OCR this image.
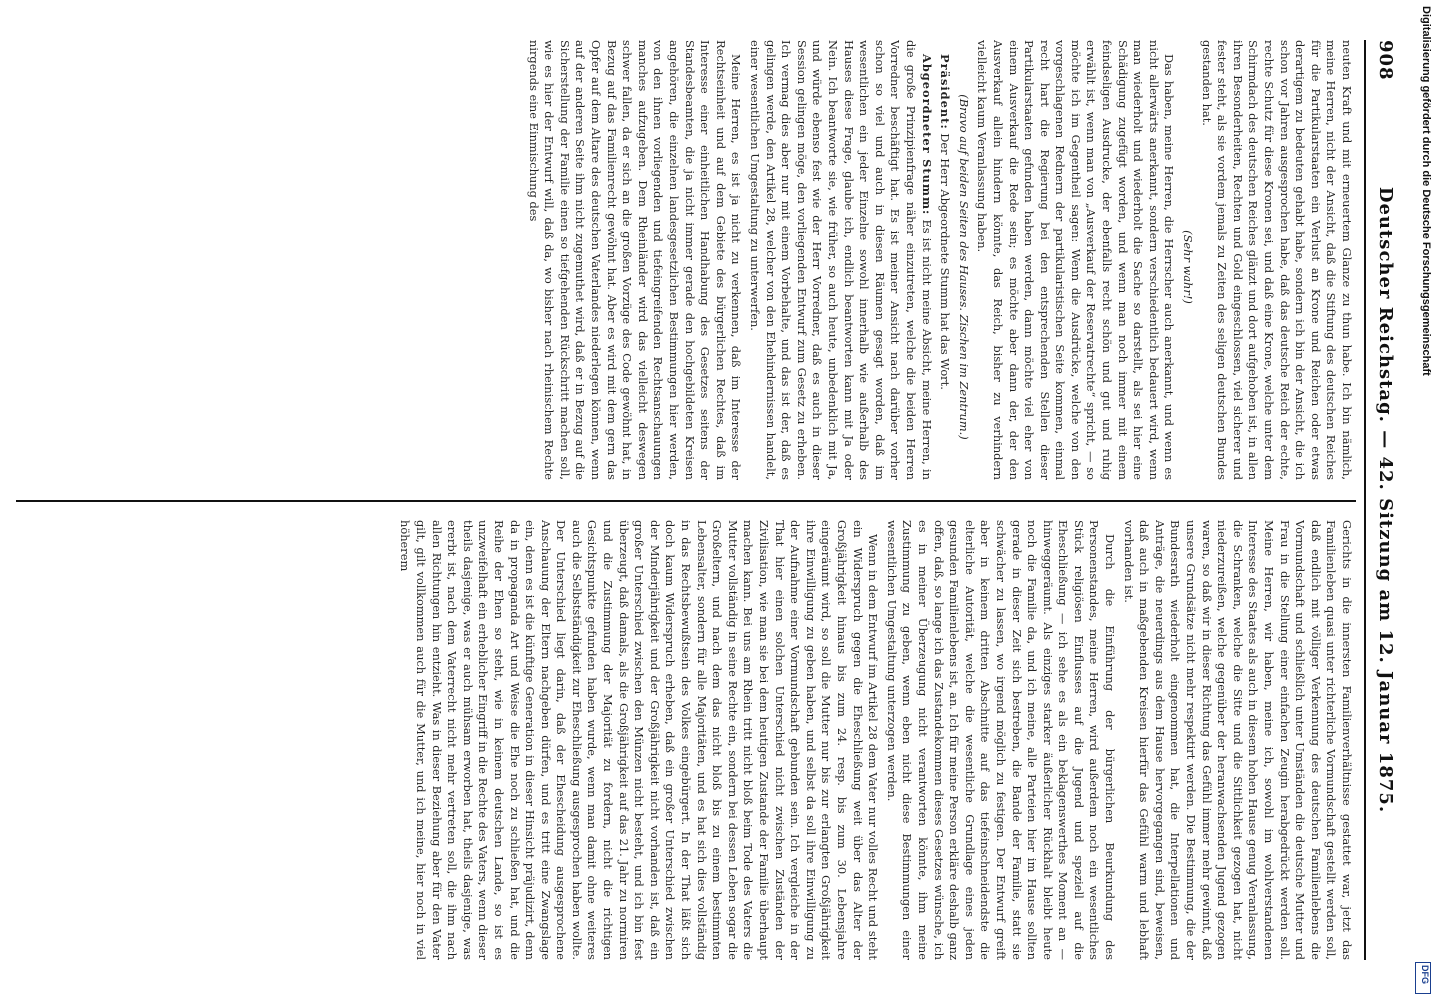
908
Deutscher Reichstag. — 42. Sitzung am 12. Januar 1875.

neuten Kraft und mit erneuertem Glanze zu thun habe. Ich bin nämlich, meine Herren, nicht der Ansicht, daß die Stiftung des deutschen Reiches für die Partikularstaaten ein Verlust an Krone und Reichen oder etwas derartigem zu bedeuten gehabt habe, sondern ich bin der Ansicht, die ich schon vor Jahren ausgesprochen habe, daß das deutsche Reich der echte, rechte Schutz für diese Kronen sei, und daß eine Krone, welche unter dem Schirmdach des deutschen Reiches glänzt und dort aufgehoben ist, in allen ihren Besonderheiten, Rechten und Gold eingeschlossen, viel sicherer und fester steht, als sie vordem jemals zu Zeiten des seligen deutschen Bundes gestanden hat.

(Sehr wahr!)

Das haben, meine Herren, die Herrscher auch anerkannt, und wenn es nicht allerwärts anerkannt, sondern verschiedentlich bedauert wird, wenn man wiederholt und wiederholt die Sache so darstellt, als sei hier eine Schädigung zugefügt worden, und wenn man noch immer mit einem feindseligen Ausdrucke, der ebenfalls recht schön und gut und ruhig erwählt ist, wenn man von „Ausverkauf der Reservatrechte“ spricht, — so möchte ich im Gegentheil sagen: Wenn die Ausdrücke, welche von den vorgeschlagenen Rednern der partikularistischen Seite kommen, einmal recht hart die Regierung bei den entsprechenden Stellen dieser Partikularstaaten gefunden haben werden, dann möchte viel eher von einem Ausverkauf die Rede sein; es möchte aber dann der, der den Ausverkauf allein hindern könnte, das Reich, bisher zu verhindern vielleicht kaum Veranlassung haben.

(Bravo auf beiden Seiten des Hauses. Zischen im Zentrum.)

Präsident: Der Herr Abgeordnete Stumm hat das Wort.

Abgeordneter Stumm: Es ist nicht meine Absicht, meine Herren, in die große Prinzipienfrage näher einzutreten, welche die beiden Herren Vorredner beschäftigt hat. Es ist meiner Ansicht nach darüber vorher schon so viel und auch in diesen Räumen gesagt worden, daß im wesentlichen ein jeder Einzelne sowohl innerhalb wie außerhalb des Hauses diese Frage, glaube ich, endlich beantworten kann mit Ja oder Nein. Ich beantworte sie, wie früher, so auch heute, unbedenklich mit Ja, und würde ebenso fest wie der Herr Vorredner, daß es auch in dieser Session gelingen möge, den vorliegenden Entwurf zum Gesetz zu erheben. Ich vermag dies aber nur mit einem Vorbehalte, und das ist der, daß es gelingen werde, den Artikel 28, welcher von den Ehehindernissen handelt, einer wesentlichen Umgestaltung zu unterwerfen.

Meine Herren, es ist ja nicht zu verkennen, daß im Interesse der Rechtseinheit und auf dem Gebiete des bürgerlichen Rechtes, daß im Interesse einer einheitlichen Handhabung des Gesetzes seitens der Standesbeamten, die ja nicht immer gerade den hochgebildeten Kreisen angehören, die einzelnen landesgesetzlichen Bestimmungen hier werden, von den ihnen vorliegenden und tiefeingreifenden Rechtsanschauungen manches aufzugeben. Dem Rheinländer wird das vielleicht deswegen schwer fallen, da er sich an die großen Vorzüge des Code gewöhnt hat, in Bezug auf das Familienrecht gewöhnt hat. Aber es wird mit dem gern das Opfer auf dem Altare des deutschen Vaterlandes niederlegen können, wenn auf der anderen Seite ihm nicht zugemuthet wird, daß er in Bezug auf die Sicherstellung der Familie einen so tiefgehenden Rückschritt machen soll, wie es hier der Entwurf will, daß da, wo bisher nach rheinischem Rechte nirgends eine Einmischung des

Gerichts in die innersten Familienverhältnisse gestattet war, jetzt das Familienleben quasi unter richterliche Vormundschaft gestellt werden soll, daß endlich mit völliger Verkennung des deutschen Familienlebens die Vormundschaft und schließlich unter Umständen die deutsche Mutter und Frau in die Stellung einer einfachen Zeugin herabgedrückt werden soll. Meine Herren, wir haben, meine ich, sowohl im wohlverstandenen Interesse des Staates als auch in diesem hohen Hause genug Veranlassung, die Schranken, welche die Sitte und die Sittlichkeit gezogen hat, nicht niederzureißen, welche gegenüber der heranwachsenden Jugend gezogen waren, so daß wir in dieser Richtung das Gefühl immer mehr gewinnt, daß unsere Grundsätze nicht mehr respektirt werden. Die Bestimmung, die der Bundesrath wiederholt eingenommen hat, die Interpellationen und Anträge, die neuerdings aus dem Hause hervorgegangen sind, beweisen, daß auch in maßgebenden Kreisen hierfür das Gefühl warm und lebhaft vorhanden ist.

Durch die Einführung der bürgerlichen Beurkundung des Personenstandes, meine Herren, wird außerdem noch ein wesentliches Stück religiösen Einflusses auf die Jugend und speziell auf die Eheschließung — ich sehe es als ein beklagenswerthes Moment an — hinweggeräumt. Als einziges starker äußerlicher Rückhalt bleibt heute noch die Familie da, und ich meine, alle Parteien hier im Hause sollten gerade in dieser Zeit sich bestreben, die Bande der Familie, statt sie schwächer zu lassen, wo irgend möglich zu festigen. Der Entwurf greift aber in keinem dritten Abschnitte auf das tiefeinschneidendste die elterliche Autorität, welche die wesentliche Grundlage eines jeden gesunden Familienlebens ist, an. Ich für meine Person erkläre deshalb ganz offen, daß, so lange ich das Zustandekommen dieses Gesetzes wünsche, ich es in meiner Überzeugung nicht verantworten könnte, ihm meine Zustimmung zu geben, wenn eben nicht diese Bestimmungen einer wesentlichen Umgestaltung unterzogen werden.

Wenn in dem Entwurf im Artikel 28 dem Vater nur volles Recht und steht ein Widerspruch gegen die Eheschließung weit über das Alter der Großjährigkeit hinaus bis zum 24. resp. bis zum 30. Lebensjahre eingeräumt wird, so soll die Mutter nur bis zur erlangten Großjährigkeit ihre Einwilligung zu geben haben, und selbst da soll ihre Einwilligung zu der Aufnahme einer Vormundschaft gebunden sein. Ich vergleiche in der That hier einen solchen Unterschied nicht zwischen Zuständen der Zivilisation, wie man sie bei dem heutigen Zustande der Familie überhaupt machen kann. Bei uns am Rhein tritt nicht bloß beim Tode des Vaters die Mutter vollständig in seine Rechte ein, sondern bei dessen Leben sogar die Großeltern, und nach dem das nicht bloß bis zu einem bestimmten Lebensalter, sondern für alle Majoritäten, und es hat sich dies vollständig in das Rechtsbewußtsein des Volkes eingebürgert. In der That läßt sich doch kaum Widerspruch erheben, daß ein großer Unterschied zwischen der Minderjährigkeit und der Großjährigkeit nicht vorhanden ist, daß ein großer Unterschied zwischen den Münzen nicht besteht, und ich bin fest überzeugt, daß damals, als die Großjährigkeit auf das 21. Jahr zu normiren und die Zustimmung der Majorität zu fordern, nicht die richtigen Gesichtspunkte gefunden haben wurde, wenn man damit ohne weiteres auch die Selbstständigkeit zur Eheschließung ausgesprochen haben wollte. Der Unterschied liegt darin, daß der Ehescheidung ausgesprochene Anschauung der Eltern nachgeben dürfen, und es tritt eine Zwangslage ein, denn es ist die künftige Generation in dieser Hinsicht präjudizirt, denn da in propaganda Art und Weise die Ehe noch zu schließen hat, und die Reihe der Ehen so steht, wie in keinem deutschen Lande, so ist es unzweifelhaft ein erheblicher Eingriff in die Rechte des Vaters, wenn dieser theils dasjenige, was er auch mühsam erworben hat, theils dasjenige, was ererbt ist, nach dem Vaterrecht nicht mehr vertreten soll, die ihm nach allen Richtungen hin entzieht. Was in dieser Beziehung aber für den Vater gilt, gilt vollkommen auch für die Mutter, und ich meine, hier noch in viel höherem

Digitalisierung gefördert durch die Deutsche Forschungsgemeinschaft
DFG
